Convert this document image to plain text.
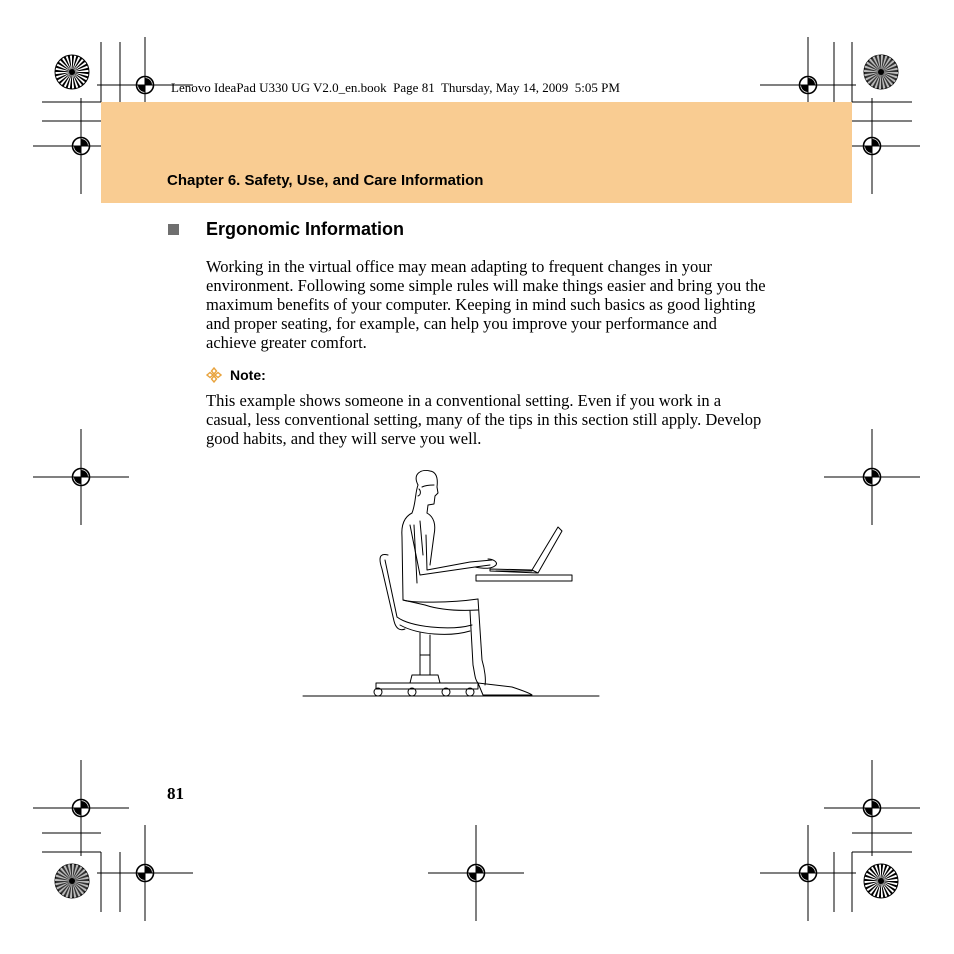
Lenovo IdeaPad U330 UG V2.0_en.book  Page 81  Thursday, May 14, 2009  5:05 PM
Chapter 6. Safety, Use, and Care Information
Ergonomic Information
Working in the virtual office may mean adapting to frequent changes in your environment. Following some simple rules will make things easier and bring you the maximum benefits of your computer. Keeping in mind such basics as good lighting and proper seating, for example, can help you improve your performance and achieve greater comfort.
Note:
This example shows someone in a conventional setting. Even if you work in a casual, less conventional setting, many of the tips in this section still apply. Develop good habits, and they will serve you well.
81
